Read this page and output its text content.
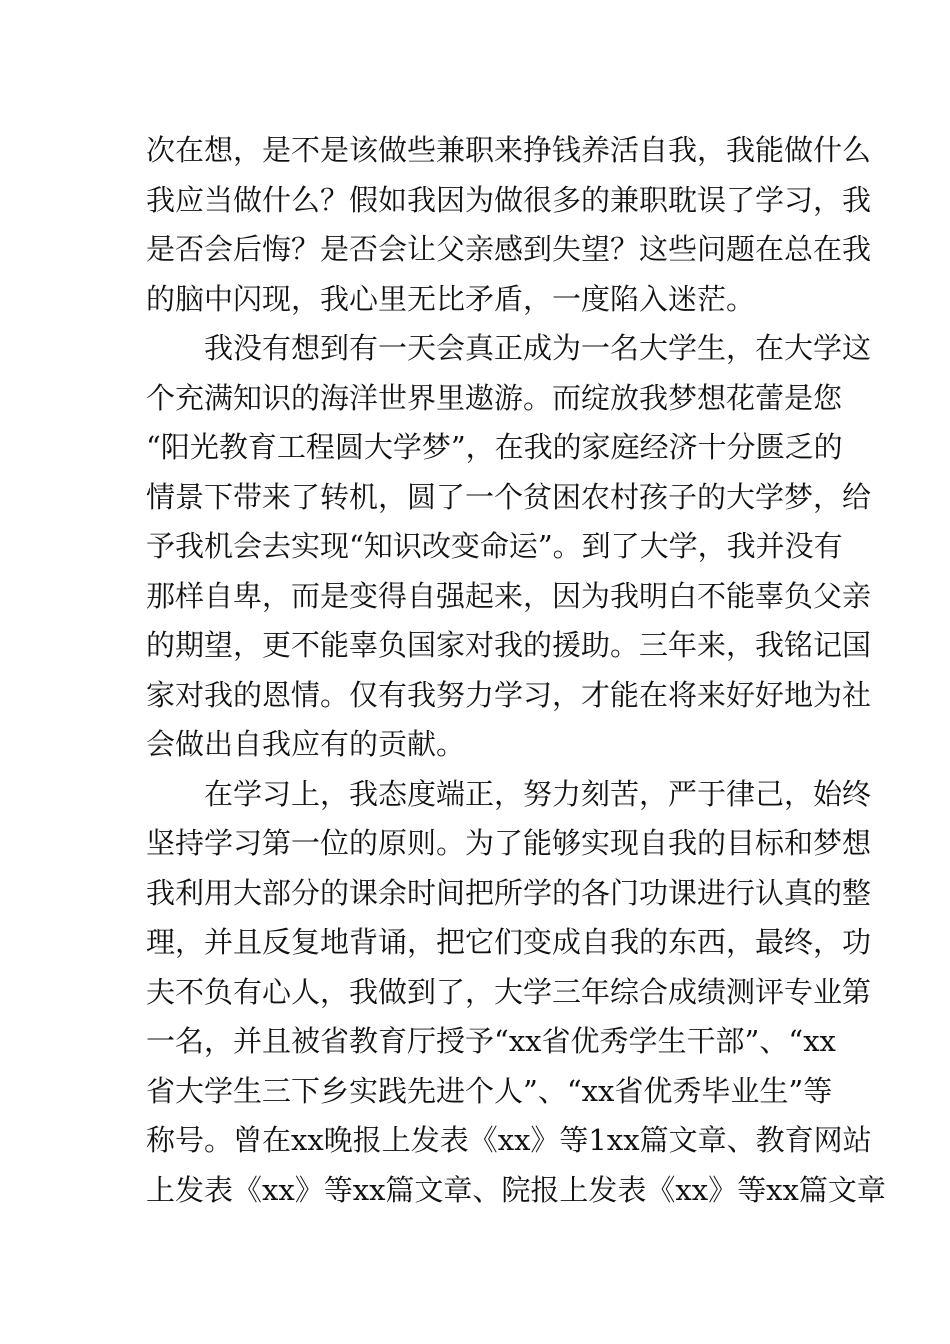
次在想，是不是该做些兼职来挣钱养活自我，我能做什么
我应当做什么？假如我因为做很多的兼职耽误了学习，我
是否会后悔？是否会让父亲感到失望？这些问题在总在我
的脑中闪现，我心里无比矛盾，一度陷入迷茫。
我没有想到有一天会真正成为一名大学生，在大学这
个充满知识的海洋世界里遨游。而绽放我梦想花蕾是您
“阳光教育工程圆大学梦”，在我的家庭经济十分匮乏的
情景下带来了转机，圆了一个贫困农村孩子的大学梦，给
予我机会去实现“知识改变命运”。到了大学，我并没有
那样自卑，而是变得自强起来，因为我明白不能辜负父亲
的期望，更不能辜负国家对我的援助。三年来，我铭记国
家对我的恩情。仅有我努力学习，才能在将来好好地为社
会做出自我应有的贡献。
在学习上，我态度端正，努力刻苦，严于律己，始终
坚持学习第一位的原则。为了能够实现自我的目标和梦想
我利用大部分的课余时间把所学的各门功课进行认真的整
理，并且反复地背诵，把它们变成自我的东西，最终，功
夫不负有心人，我做到了，大学三年综合成绩测评专业第
一名，并且被省教育厅授予“xx省优秀学生干部”、“xx
省大学生三下乡实践先进个人”、“xx省优秀毕业生”等
称号。曾在xx晚报上发表《xx》等1xx篇文章、教育网站
上发表《xx》等xx篇文章、院报上发表《xx》等xx篇文章
